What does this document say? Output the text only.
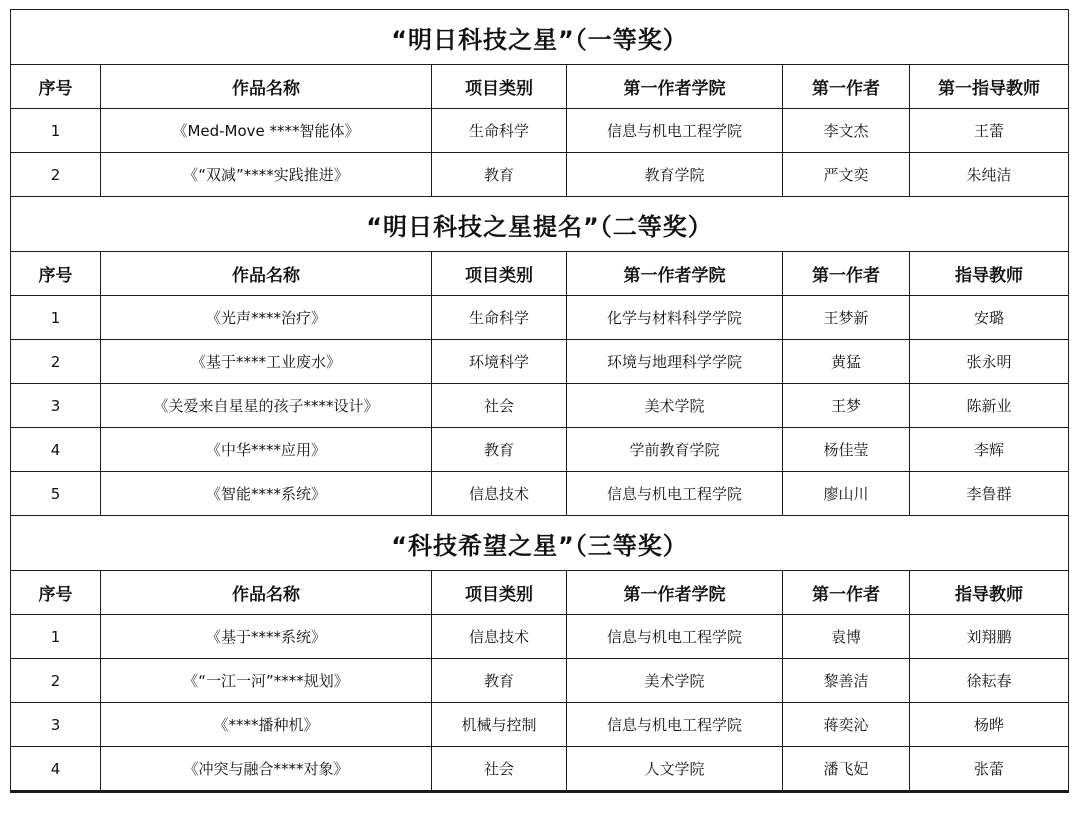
“明日科技之星”（一等奖）					
序号	作品名称	项目类别	第一作者学院	第一作者	第一指导教师
1	《Med-Move ****智能体》	生命科学	信息与机电工程学院	李文杰	王蕾
2	《“双减”****实践推进》	教育	教育学院	严文奕	朱纯洁
“明日科技之星提名”（二等奖）					
序号	作品名称	项目类别	第一作者学院	第一作者	指导教师
1	《光声****治疗》	生命科学	化学与材料科学学院	王梦新	安璐
2	《基于****工业废水》	环境科学	环境与地理科学学院	黄猛	张永明
3	《关爱来自星星的孩子****设计》	社会	美术学院	王梦	陈新业
4	《中华****应用》	教育	学前教育学院	杨佳莹	李辉
5	《智能****系统》	信息技术	信息与机电工程学院	廖山川	李鲁群
“科技希望之星”（三等奖）					
序号	作品名称	项目类别	第一作者学院	第一作者	指导教师
1	《基于****系统》	信息技术	信息与机电工程学院	袁博	刘翔鹏
2	《“一江一河”****规划》	教育	美术学院	黎善洁	徐耘春
3	《****播种机》	机械与控制	信息与机电工程学院	蒋奕沁	杨晔
4	《冲突与融合****对象》	社会	人文学院	潘飞妃	张蕾
